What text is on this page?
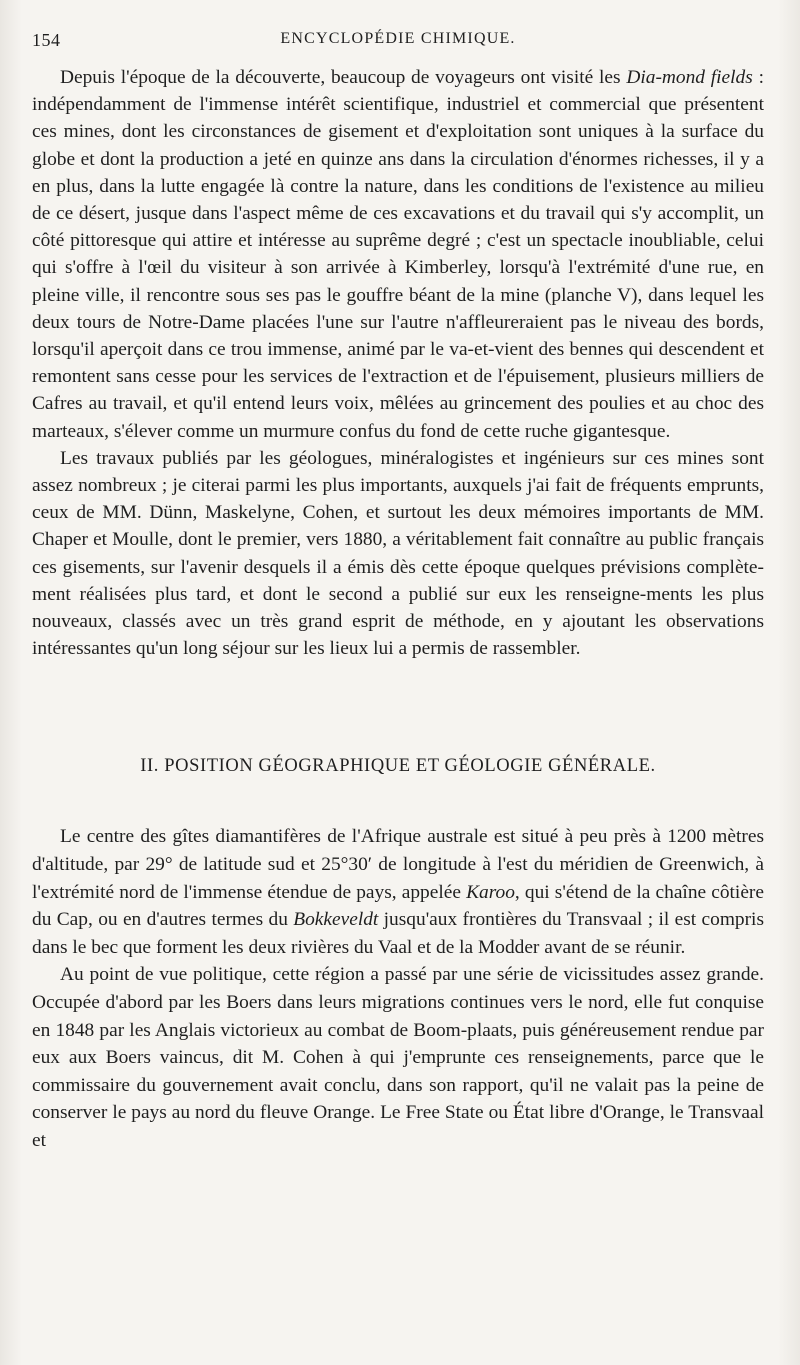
154	ENCYCLOPÉDIE CHIMIQUE.

Depuis l'époque de la découverte, beaucoup de voyageurs ont visité les Dia-mond fields : indépendamment de l'immense intérêt scientifique, industriel et commercial que présentent ces mines, dont les circonstances de gisement et d'exploitation sont uniques à la surface du globe et dont la production a jeté en quinze ans dans la circulation d'énormes richesses, il y a en plus, dans la lutte engagée là contre la nature, dans les conditions de l'existence au milieu de ce désert, jusque dans l'aspect même de ces excavations et du travail qui s'y accomplit, un côté pittoresque qui attire et intéresse au suprême degré ; c'est un spectacle inoubliable, celui qui s'offre à l'œil du visiteur à son arrivée à Kimberley, lorsqu'à l'extrémité d'une rue, en pleine ville, il rencontre sous ses pas le gouffre béant de la mine (planche V), dans lequel les deux tours de Notre-Dame placées l'une sur l'autre n'affleureraient pas le niveau des bords, lorsqu'il aperçoit dans ce trou immense, animé par le va-et-vient des bennes qui descendent et remontent sans cesse pour les services de l'extraction et de l'épuisement, plusieurs milliers de Cafres au travail, et qu'il entend leurs voix, mêlées au grincement des poulies et au choc des marteaux, s'élever comme un murmure confus du fond de cette ruche gigantesque.

Les travaux publiés par les géologues, minéralogistes et ingénieurs sur ces mines sont assez nombreux ; je citerai parmi les plus importants, auxquels j'ai fait de fréquents emprunts, ceux de MM. Dünn, Maskelyne, Cohen, et surtout les deux mémoires importants de MM. Chaper et Moulle, dont le premier, vers 1880, a véritablement fait connaître au public français ces gisements, sur l'avenir desquels il a émis dès cette époque quelques prévisions complète-ment réalisées plus tard, et dont le second a publié sur eux les renseigne-ments les plus nouveaux, classés avec un très grand esprit de méthode, en y ajoutant les observations intéressantes qu'un long séjour sur les lieux lui a permis de rassembler.

II. POSITION GÉOGRAPHIQUE ET GÉOLOGIE GÉNÉRALE.

Le centre des gîtes diamantifères de l'Afrique australe est situé à peu près à 1200 mètres d'altitude, par 29° de latitude sud et 25°30′ de longitude à l'est du méridien de Greenwich, à l'extrémité nord de l'immense étendue de pays, appelée Karoo, qui s'étend de la chaîne côtière du Cap, ou en d'autres termes du Bokkeveldt jusqu'aux frontières du Transvaal ; il est compris dans le bec que forment les deux rivières du Vaal et de la Modder avant de se réunir.

Au point de vue politique, cette région a passé par une série de vicissitudes assez grande. Occupée d'abord par les Boers dans leurs migrations continues vers le nord, elle fut conquise en 1848 par les Anglais victorieux au combat de Boom-plaats, puis généreusement rendue par eux aux Boers vaincus, dit M. Cohen à qui j'emprunte ces renseignements, parce que le commissaire du gouvernement avait conclu, dans son rapport, qu'il ne valait pas la peine de conserver le pays au nord du fleuve Orange. Le Free State ou État libre d'Orange, le Transvaal et
